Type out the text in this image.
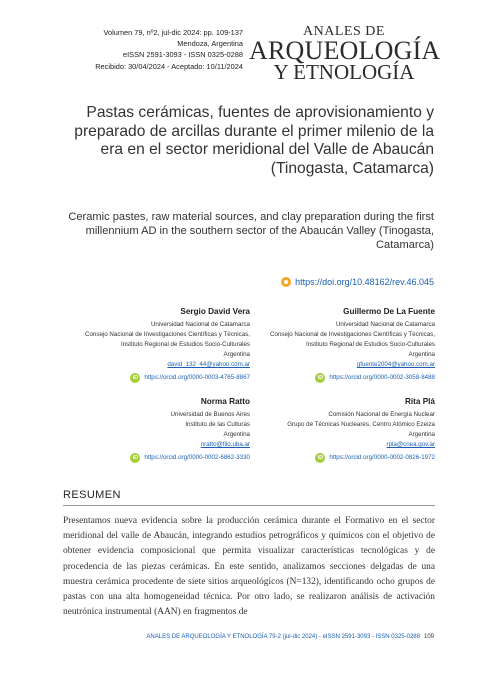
Volumen 79, nº2, jul-dic 2024: pp. 109-137
Mendoza, Argentina
eISSN 2591-3093 - ISSN 0325-0288
Recibido: 30/04/2024 - Aceptado: 10/11/2024
ANALES DE
ARQUEOLOGÍA
Y ETNOLOGÍA
Pastas cerámicas, fuentes de aprovisionamiento y preparado de arcillas durante el primer milenio de la era en el sector meridional del Valle de Abaucán (Tinogasta, Catamarca)
Ceramic pastes, raw material sources, and clay preparation during the first millennium AD in the southern sector of the Abaucán Valley (Tinogasta, Catamarca)
https://doi.org/10.48162/rev.46.045
Sergio David Vera
Universidad Nacional de Catamarca
Consejo Nacional de Investigaciones Científicas y Técnicas,
Instituto Regional de Estudios Socio-Culturales
Argentina
david_132_44@yahoo.com.ar
iD	https://orcid.org/0000-0003-4765-8867
Guillermo De La Fuente
Universidad Nacional de Catamarca
Consejo Nacional de Investigaciones Científicas y Técnicas,
Instituto Regional de Estudios Socio-Culturales
Argentina
gfuente2004@yahoo.com.ar
iD	https://orcid.org/0000-0002-3058-8488
Norma Ratto
Universidad de Buenos Aires
Instituto de las Culturas
Argentina
nratto@filo.uba.ar
iD	https://orcid.org/0000-0002-6862-3330
Rita Plá
Comisión Nacional de Energía Nuclear
Grupo de Técnicas Nucleares, Centro Atómico Ezeiza
Argentina
rpla@cnea.gov.ar
iD	https://orcid.org/0000-0002-0826-1972
RESUMEN
Presentamos nueva evidencia sobre la producción cerámica durante el Formativo en el sector meridional del valle de Abaucán, integrando estudios petrográficos y químicos con el objetivo de obtener evidencia composicional que permita visualizar características tecnológicas y de procedencia de las piezas cerámicas. En este sentido, analizamos secciones delgadas de una muestra cerámica procedente de siete sitios arqueológicos (N=132), identificando ocho grupos de pastas con una alta homogeneidad técnica. Por otro lado, se realizaron análisis de activación neutrónica instrumental (AAN) en fragmentos de
ANALES DE ARQUEOLOGÍA Y ETNOLOGÍA 79-2 (jul-dic 2024) - eISSN 2591-3093 - ISSN 0325-0288 109
